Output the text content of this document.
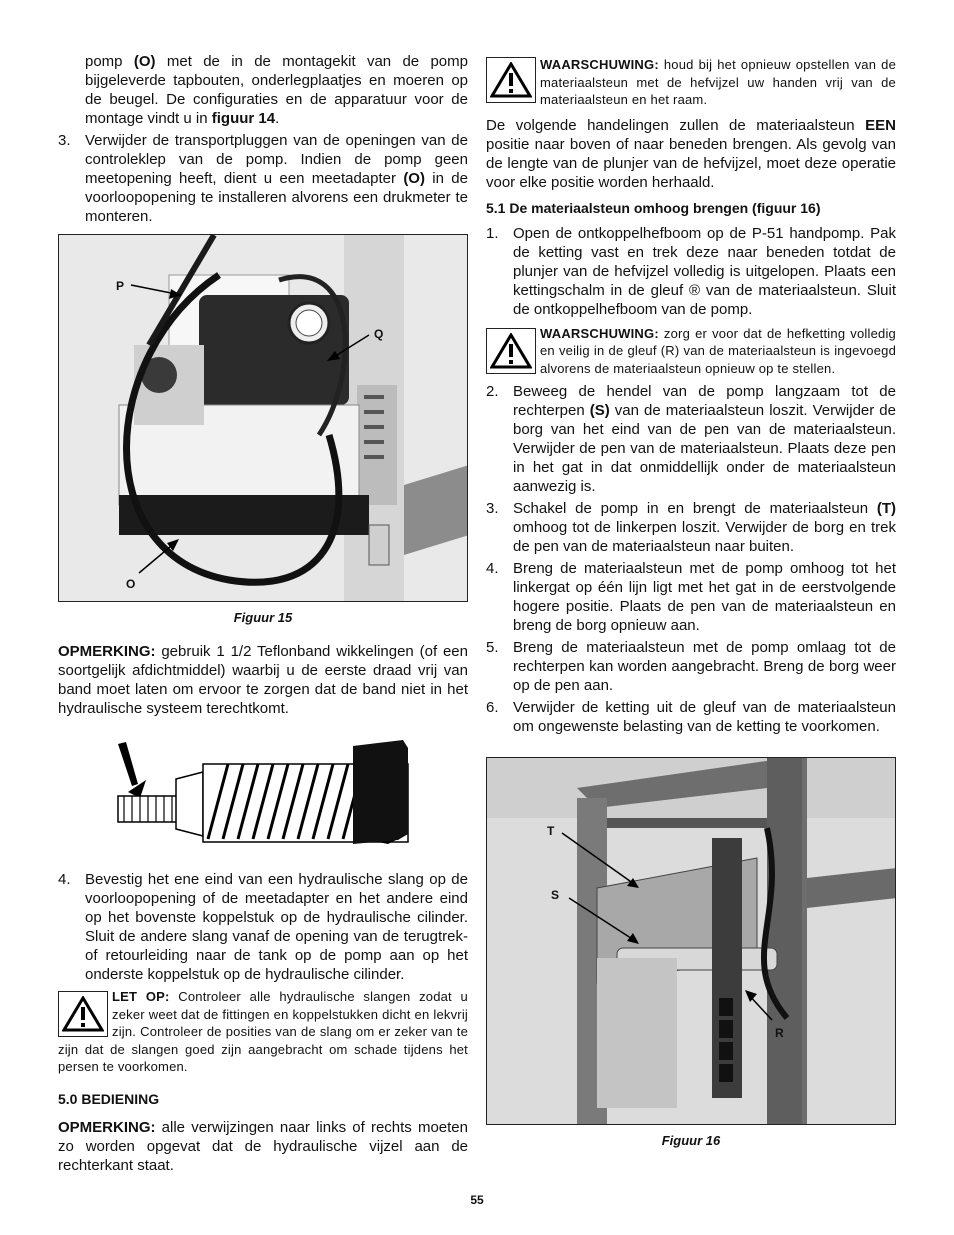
pomp (O) met de in de montagekit van de pomp bijgeleverde tapbouten, onderlegplaatjes en moeren op de beugel. De configuraties en de apparatuur voor de montage vindt u in figuur 14.

3. Verwijder de transportpluggen van de openingen van de controleklep van de pomp. Indien de pomp geen meetopening heeft, dient u een meetadapter (O) in de voorloopopening te installeren alvorens een drukmeter te monteren.
P
Q
O
Figuur 15

OPMERKING: gebruik 1 1/2 Teflonband wikkelingen (of een soortgelijk afdichtmiddel) waarbij u de eerste draad vrij van band moet laten om ervoor te zorgen dat de band niet in het hydraulische systeem terechtkomt.

4. Bevestig het ene eind van een hydraulische slang op de voorloopopening of de meetadapter en het andere eind op het bovenste koppelstuk op de hydraulische cilinder. Sluit de andere slang vanaf de opening van de terugtrek- of retourleiding naar de tank op de pomp aan op het onderste koppelstuk op de hydraulische cilinder.
LET OP: Controleer alle hydraulische slangen zodat u zeker weet dat de fittingen en koppelstukken dicht en lekvrij zijn. Controleer de posities van de slang om er zeker van te zijn dat de slangen goed zijn aangebracht om schade tijdens het persen te voorkomen.
5.0 BEDIENING

OPMERKING: alle verwijzingen naar links of rechts moeten zo worden opgevat dat de hydraulische vijzel aan de rechterkant staat.

WAARSCHUWING: houd bij het opnieuw opstellen van de materiaalsteun met de hefvijzel uw handen vrij van de materiaalsteun en het raam.

De volgende handelingen zullen de materiaalsteun EEN positie naar boven of naar beneden brengen. Als gevolg van de lengte van de plunjer van de hefvijzel, moet deze operatie voor elke positie worden herhaald.

5.1 De materiaalsteun omhoog brengen (figuur 16)
1. Open de ontkoppelhefboom op de P-51 handpomp. Pak de ketting vast en trek deze naar beneden totdat de plunjer van de hefvijzel volledig is uitgelopen. Plaats een kettingschalm in de gleuf ® van de materiaalsteun. Sluit de ontkoppelhefboom van de pomp.
WAARSCHUWING: zorg er voor dat de hefketting volledig en veilig in de gleuf (R) van de materiaalsteun is ingevoegd alvorens de materiaalsteun opnieuw op te stellen.
2. Beweeg de hendel van de pomp langzaam tot de rechterpen (S) van de materiaalsteun loszit. Verwijder de borg van het eind van de pen van de materiaalsteun. Verwijder de pen van de materiaalsteun. Plaats deze pen in het gat in dat onmiddellijk onder de materiaalsteun aanwezig is.
3. Schakel de pomp in en brengt de materiaalsteun (T) omhoog tot de linkerpen loszit. Verwijder de borg en trek de pen van de materiaalsteun naar buiten.
4. Breng de materiaalsteun met de pomp omhoog tot het linkergat op één lijn ligt met het gat in de eerstvolgende hogere positie. Plaats de pen van de materiaalsteun en breng de borg opnieuw aan.
5. Breng de materiaalsteun met de pomp omlaag tot de rechterpen kan worden aangebracht. Breng de borg weer op de pen aan.
6. Verwijder de ketting uit de gleuf van de materiaalsteun om ongewenste belasting van de ketting te voorkomen.
T
S
R
Figuur 16
55
